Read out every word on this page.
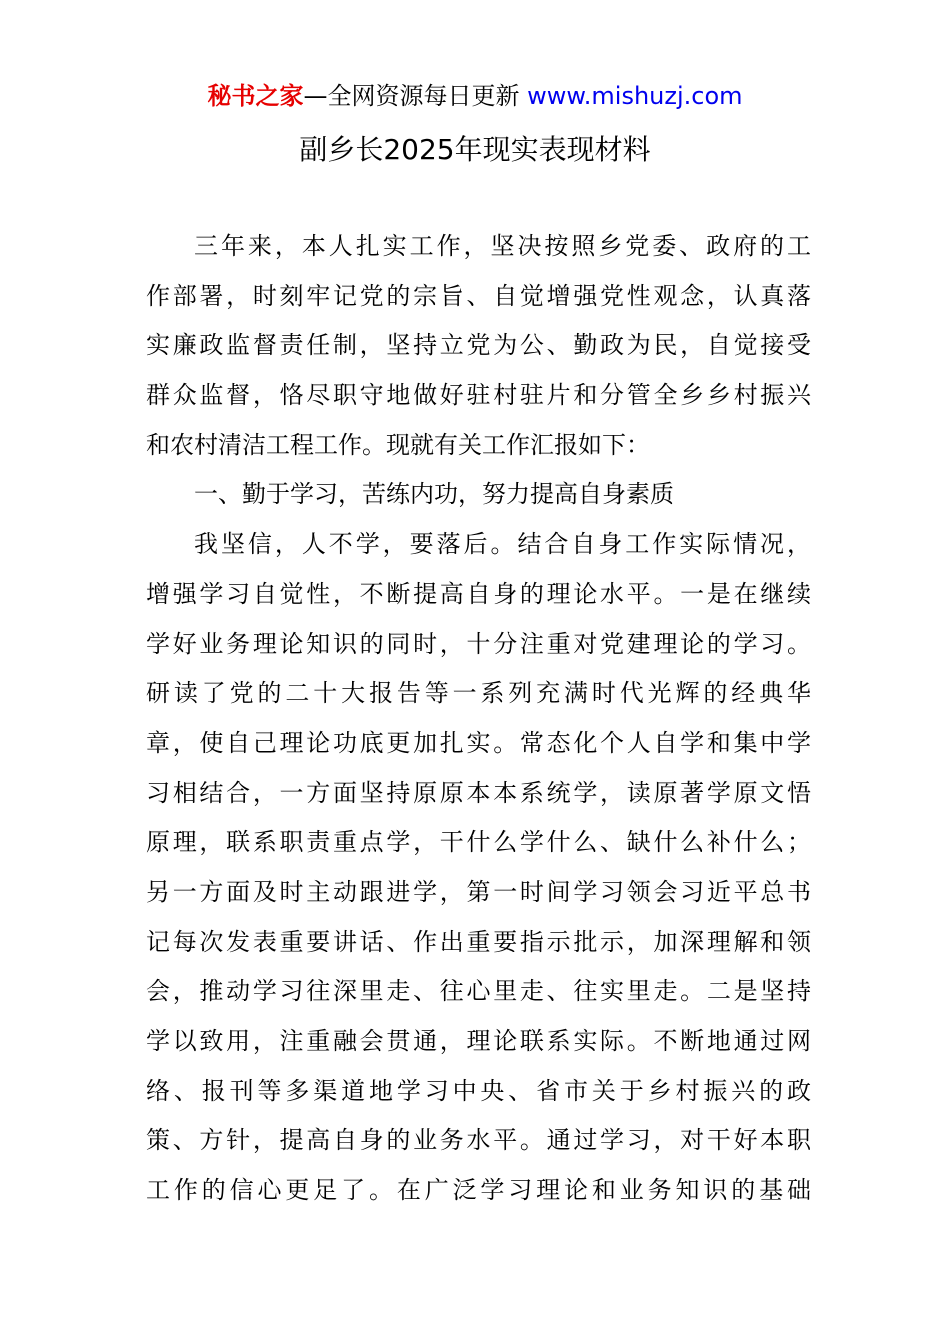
秘书之家—全网资源每日更新 www.mishuzj.com
副乡长2025年现实表现材料
三年来，本人扎实工作，坚决按照乡党委、政府的工
作部署，时刻牢记党的宗旨、自觉增强党性观念，认真落
实廉政监督责任制，坚持立党为公、勤政为民，自觉接受
群众监督，恪尽职守地做好驻村驻片和分管全乡乡村振兴
和农村清洁工程工作。现就有关工作汇报如下：
一、勤于学习，苦练内功，努力提高自身素质
我坚信，人不学，要落后。结合自身工作实际情况，
增强学习自觉性，不断提高自身的理论水平。一是在继续
学好业务理论知识的同时，十分注重对党建理论的学习。
研读了党的二十大报告等一系列充满时代光辉的经典华
章，使自己理论功底更加扎实。常态化个人自学和集中学
习相结合，一方面坚持原原本本系统学，读原著学原文悟
原理，联系职责重点学，干什么学什么、缺什么补什么；
另一方面及时主动跟进学，第一时间学习领会习近平总书
记每次发表重要讲话、作出重要指示批示，加深理解和领
会，推动学习往深里走、往心里走、往实里走。二是坚持
学以致用，注重融会贯通，理论联系实际。不断地通过网
络、报刊等多渠道地学习中央、省市关于乡村振兴的政
策、方针，提高自身的业务水平。通过学习，对干好本职
工作的信心更足了。在广泛学习理论和业务知识的基础
